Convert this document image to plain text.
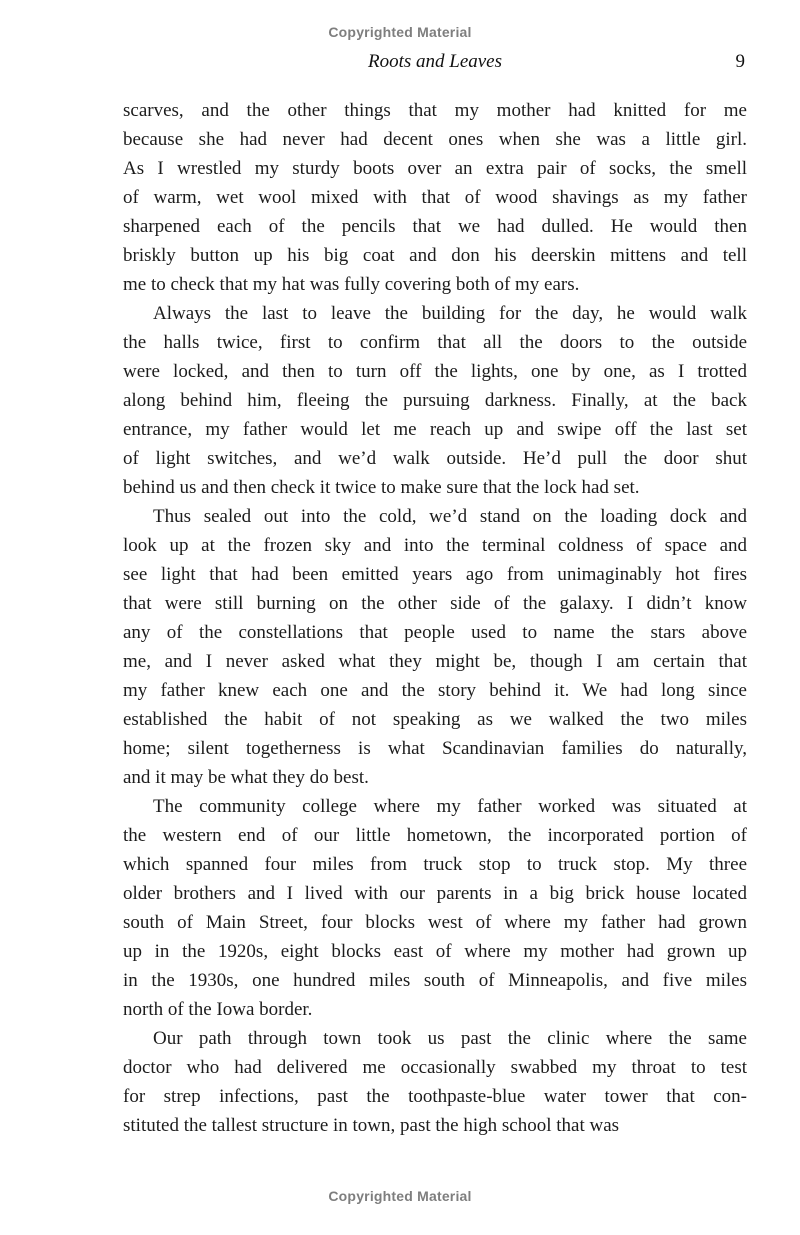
Copyrighted Material
Roots and Leaves	9
scarves, and the other things that my mother had knitted for me
because she had never had decent ones when she was a little girl.
As I wrestled my sturdy boots over an extra pair of socks, the smell
of warm, wet wool mixed with that of wood shavings as my father
sharpened each of the pencils that we had dulled. He would then
briskly button up his big coat and don his deerskin mittens and tell
me to check that my hat was fully covering both of my ears.
Always the last to leave the building for the day, he would walk
the halls twice, first to confirm that all the doors to the outside
were locked, and then to turn off the lights, one by one, as I trotted
along behind him, fleeing the pursuing darkness. Finally, at the back
entrance, my father would let me reach up and swipe off the last set
of light switches, and we’d walk outside. He’d pull the door shut
behind us and then check it twice to make sure that the lock had set.
Thus sealed out into the cold, we’d stand on the loading dock and
look up at the frozen sky and into the terminal coldness of space and
see light that had been emitted years ago from unimaginably hot fires
that were still burning on the other side of the galaxy. I didn’t know
any of the constellations that people used to name the stars above
me, and I never asked what they might be, though I am certain that
my father knew each one and the story behind it. We had long since
established the habit of not speaking as we walked the two miles
home; silent togetherness is what Scandinavian families do naturally,
and it may be what they do best.
The community college where my father worked was situated at
the western end of our little hometown, the incorporated portion of
which spanned four miles from truck stop to truck stop. My three
older brothers and I lived with our parents in a big brick house located
south of Main Street, four blocks west of where my father had grown
up in the 1920s, eight blocks east of where my mother had grown up
in the 1930s, one hundred miles south of Minneapolis, and five miles
north of the Iowa border.
Our path through town took us past the clinic where the same
doctor who had delivered me occasionally swabbed my throat to test
for strep infections, past the toothpaste-blue water tower that con-
stituted the tallest structure in town, past the high school that was
Copyrighted Material
